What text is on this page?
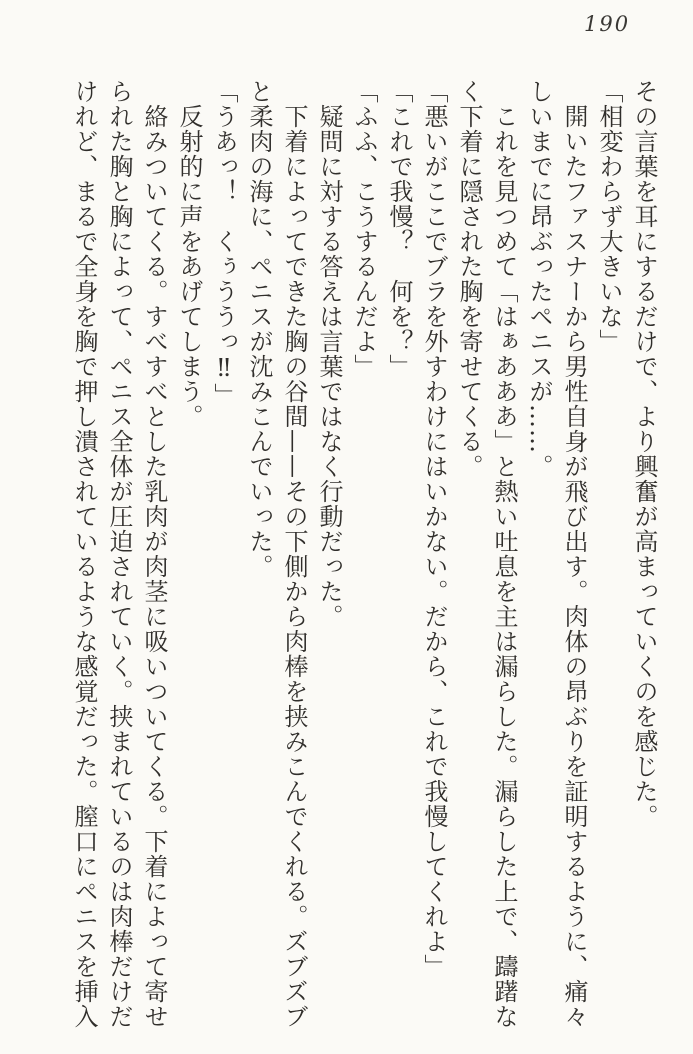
190

その言葉を耳にするだけで、より興奮が高まっていくのを感じた。

「相変わらず大きいな」

　開いたファスナーから男性自身が飛び出す。肉体の昂ぶりを証明するように、痛々

しいまでに昂ぶったペニスが……。

　これを見つめて「はぁあああ」と熱い吐息を主は漏らした。漏らした上で、躊躇な

く下着に隠された胸を寄せてくる。

「悪いがここでブラを外すわけにはいかない。だから、これで我慢してくれよ」

「これで我慢？　何を？」

「ふふ、こうするんだよ」

　疑問に対する答えは言葉ではなく行動だった。

　下着によってできた胸の谷間——その下側から肉棒を挟みこんでくれる。ズブズブ

と柔肉の海に、ペニスが沈みこんでいった。

「うあっ！　くぅううっ‼」

　反射的に声をあげてしまう。

　絡みついてくる。すべすべとした乳肉が肉茎に吸いついてくる。下着によって寄せ

られた胸と胸によって、ペニス全体が圧迫されていく。挟まれているのは肉棒だけだ

けれど、まるで全身を胸で押し潰されているような感覚だった。膣口にペニスを挿入
